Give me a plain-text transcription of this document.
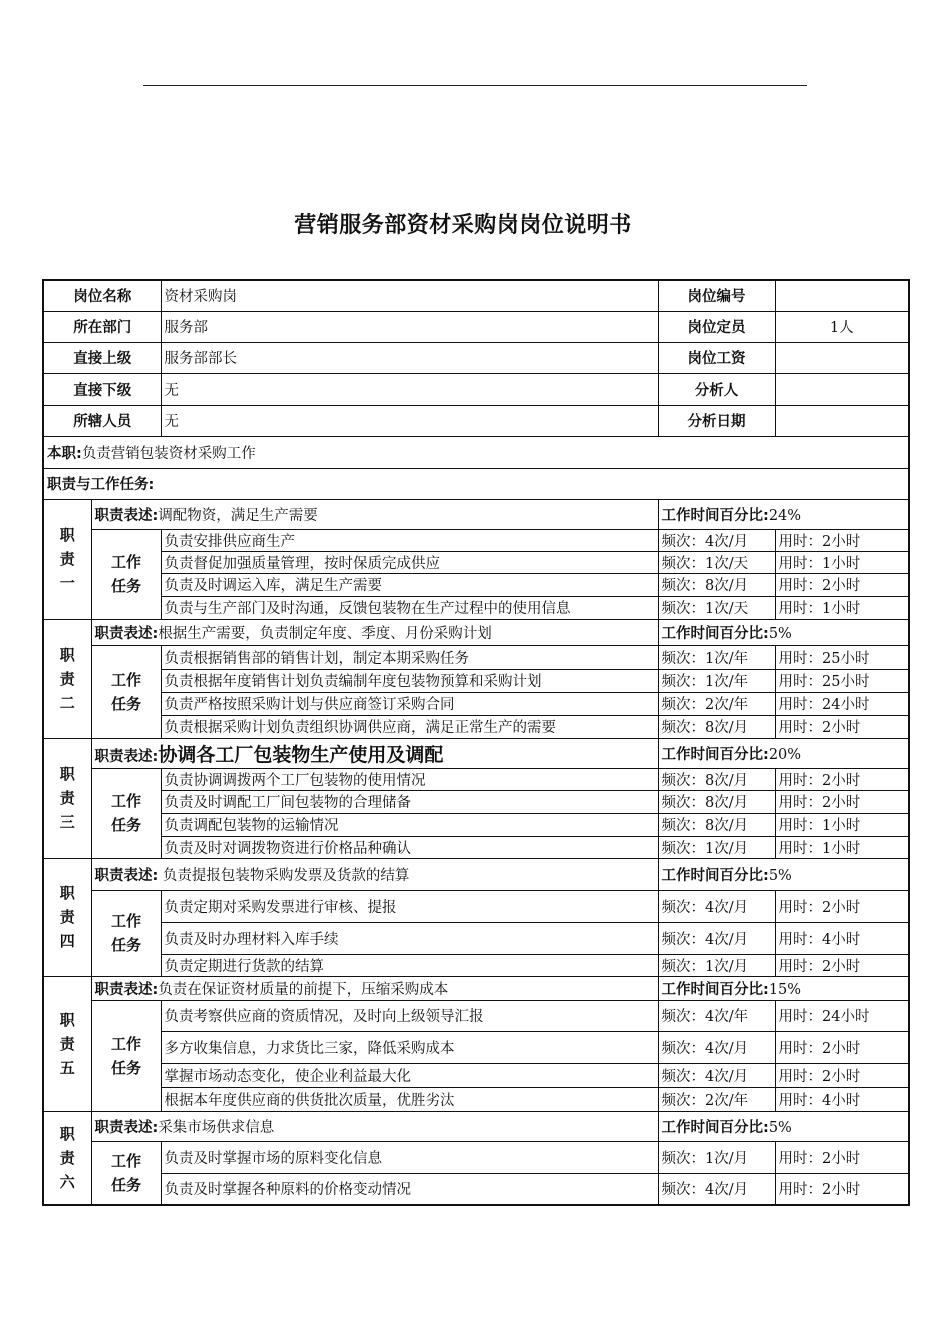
营销服务部资材采购岗岗位说明书
岗位名称		资材采购岗	岗位编号	
所在部门		服务部	岗位定员	1人
直接上级		服务部部长	岗位工资	
直接下级		无	分析人	
所辖人员		无	分析日期	
本职:负责营销包装资材采购工作				
职责与工作任务:				

职
责
一	职责表述:调配物资，满足生产需要		工作时间百分比:24%	

	工作
任务	负责安排供应商生产	频次：4次/月	用时：2小时
		负责督促加强质量管理，按时保质完成供应	频次：1次/天	用时：1小时
		负责及时调运入库，满足生产需要	频次：8次/月	用时：2小时
		负责与生产部门及时沟通，反馈包装物在生产过程中的使用信息	频次：1次/天	用时：1小时

职
责
二	职责表述:根据生产需要，负责制定年度、季度、月份采购计划		工作时间百分比:5%	

	工作
任务	负责根据销售部的销售计划，制定本期采购任务	频次：1次/年	用时：25小时
		负责根据年度销售计划负责编制年度包装物预算和采购计划	频次：1次/年	用时：25小时
		负责严格按照采购计划与供应商签订采购合同	频次：2次/年	用时：24小时
		负责根据采购计划负责组织协调供应商，满足正常生产的需要	频次：8次/月	用时：2小时

职
责
三	职责表述:协调各工厂包装物生产使用及调配		工作时间百分比:20%	

	工作
任务	负责协调调拨两个工厂包装物的使用情况	频次：8次/月	用时：2小时
		负责及时调配工厂间包装物的合理储备	频次：8次/月	用时：2小时
		负责调配包装物的运输情况	频次：8次/月	用时：1小时
		负责及时对调拨物资进行价格品种确认	频次：1次/月	用时：1小时

职
责
四	职责表述: 负责提报包装物采购发票及货款的结算		工作时间百分比:5%	

	工作
任务	负责定期对采购发票进行审核、提报	频次：4次/月	用时：2小时
		负责及时办理材料入库手续	频次：4次/月	用时：4小时
		负责定期进行货款的结算	频次：1次/月	用时：2小时

职
责
五	职责表述:负责在保证资材质量的前提下，压缩采购成本		工作时间百分比:15%	

	工作
任务	负责考察供应商的资质情况，及时向上级领导汇报	频次：4次/年	用时：24小时
		多方收集信息，力求货比三家，降低采购成本	频次：4次/月	用时：2小时
		掌握市场动态变化，使企业利益最大化	频次：4次/月	用时：2小时
		根据本年度供应商的供货批次质量，优胜劣汰	频次：2次/年	用时：4小时

职
责
六	职责表述:采集市场供求信息		工作时间百分比:5%	

	工作
任务	负责及时掌握市场的原料变化信息	频次：1次/月	用时：2小时
		负责及时掌握各种原料的价格变动情况	频次：4次/月	用时：2小时
